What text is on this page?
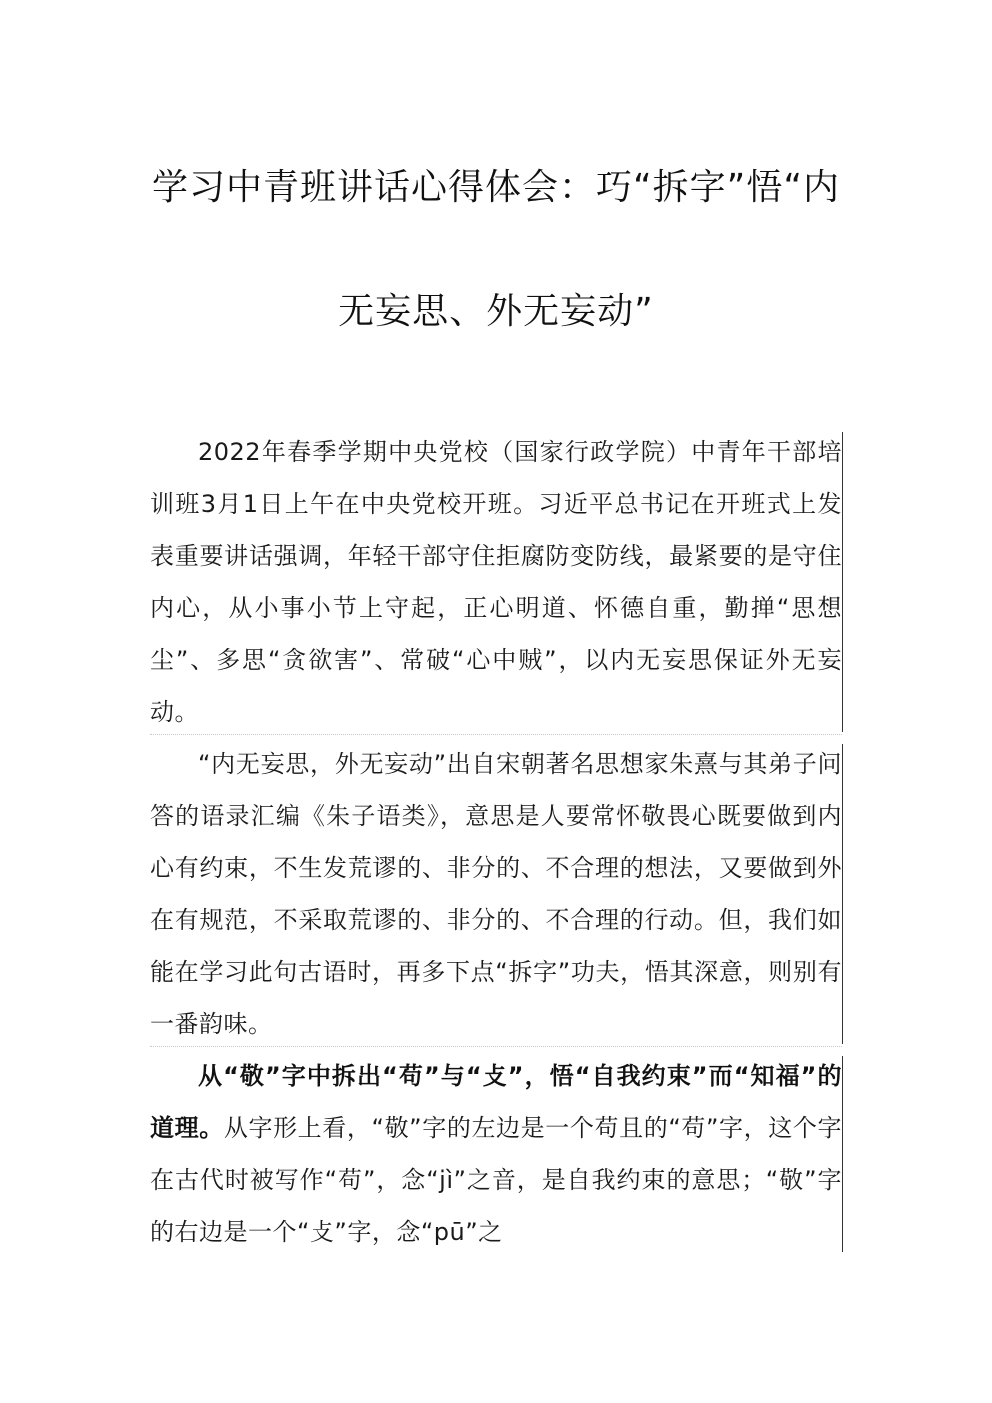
学习中青班讲话心得体会：巧“拆字”悟“内
无妄思、外无妄动”
2022年春季学期中央党校（国家行政学院）中青年干部培训班3月1日上午在中央党校开班。习近平总书记在开班式上发表重要讲话强调，年轻干部守住拒腐防变防线，最紧要的是守住内心，从小事小节上守起，正心明道、怀德自重，勤掸“思想尘”、多思“贪欲害”、常破“心中贼”，以内无妄思保证外无妄动。
“内无妄思，外无妄动”出自宋朝著名思想家朱熹与其弟子问答的语录汇编《朱子语类》，意思是人要常怀敬畏心既要做到内心有约束，不生发荒谬的、非分的、不合理的想法，又要做到外在有规范，不采取荒谬的、非分的、不合理的行动。但，我们如能在学习此句古语时，再多下点“拆字”功夫，悟其深意，则别有一番韵味。
从“敬”字中拆出“苟”与“攴”，悟“自我约束”而“知福”的道理。从字形上看，“敬”字的左边是一个苟且的“苟”字，这个字在古代时被写作“苟”，念“jì”之音，是自我约束的意思；“敬”字的右边是一个“攴”字，念“pū”之
